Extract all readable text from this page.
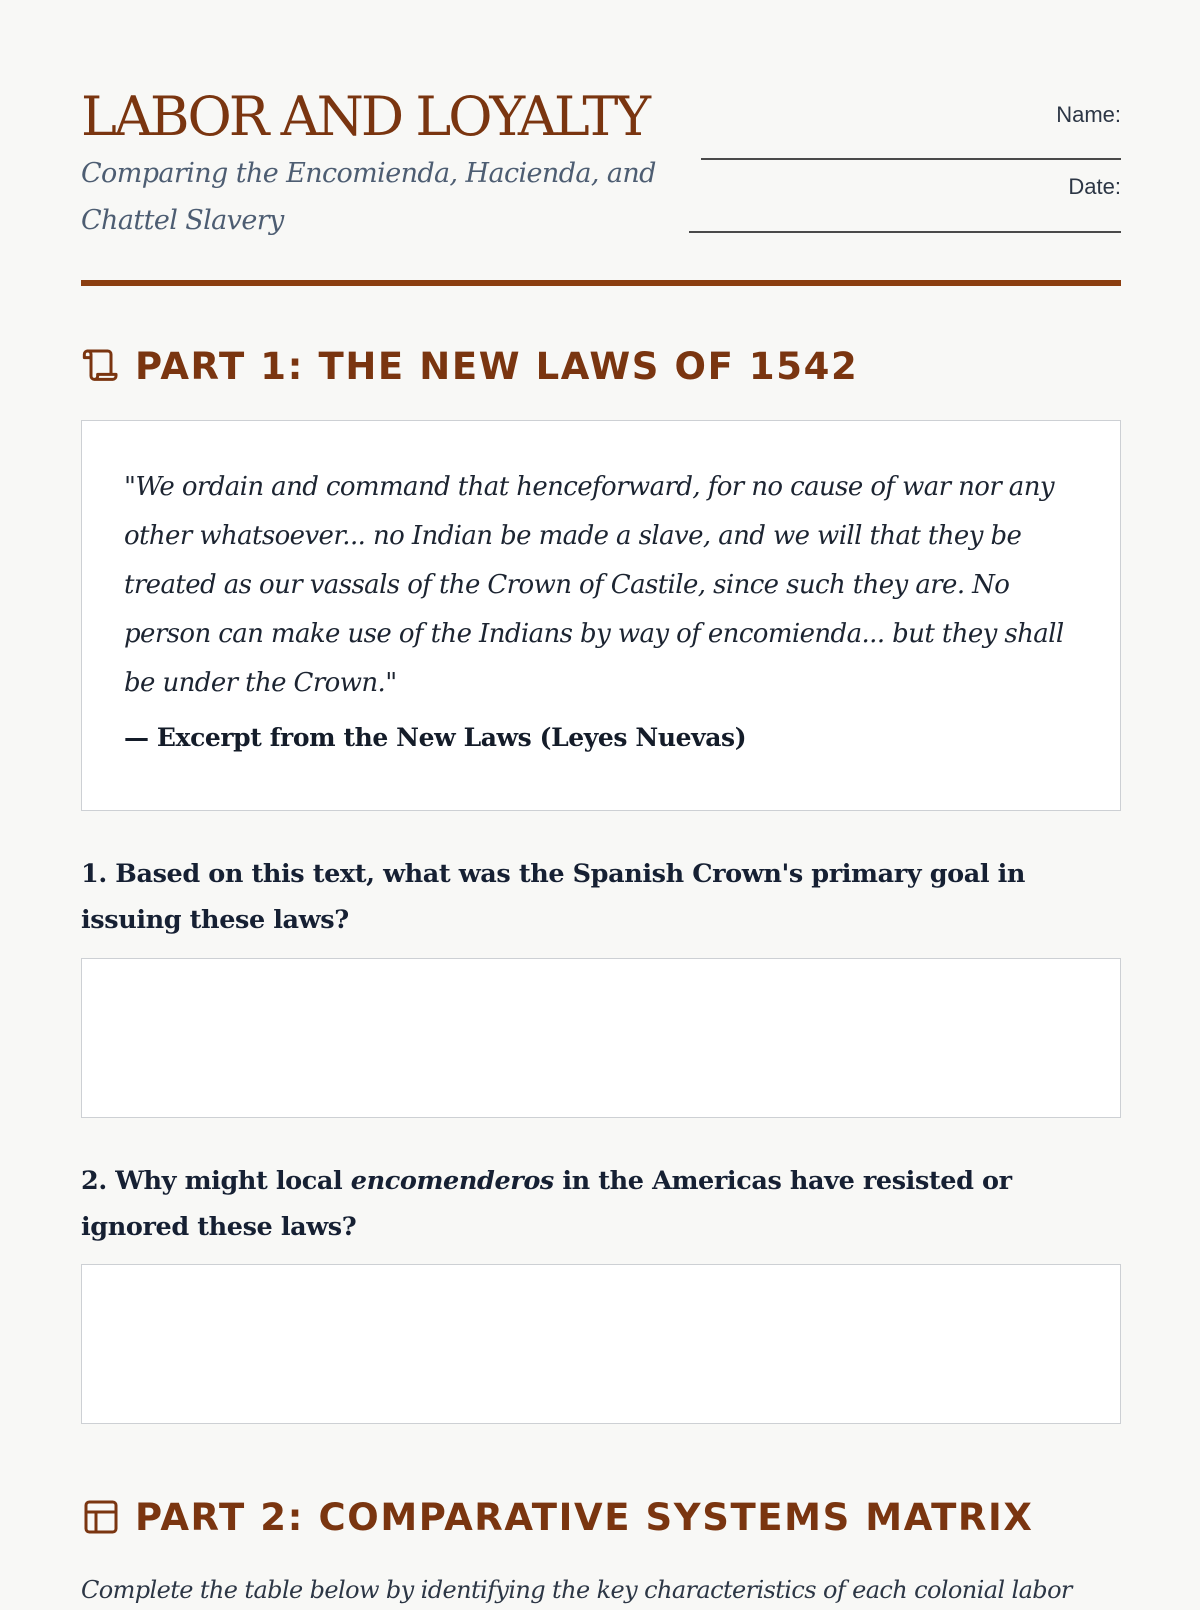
LABOR AND LOYALTY

Comparing the Encomienda, Hacienda, and Chattel Slavery

Name:
Date:
PART 1: THE NEW LAWS OF 1542

"We ordain and command that henceforward, for no cause of war nor any other whatsoever... no Indian be made a slave, and we will that they be treated as our vassals of the Crown of Castile, since such they are. No person can make use of the Indians by way of encomienda... but they shall be under the Crown."

— Excerpt from the New Laws (Leyes Nuevas)

1. Based on this text, what was the Spanish Crown's primary goal in issuing these laws?

2. Why might local encomenderos in the Americas have resisted or ignored these laws?

PART 2: COMPARATIVE SYSTEMS MATRIX

Complete the table below by identifying the key characteristics of each colonial labor
